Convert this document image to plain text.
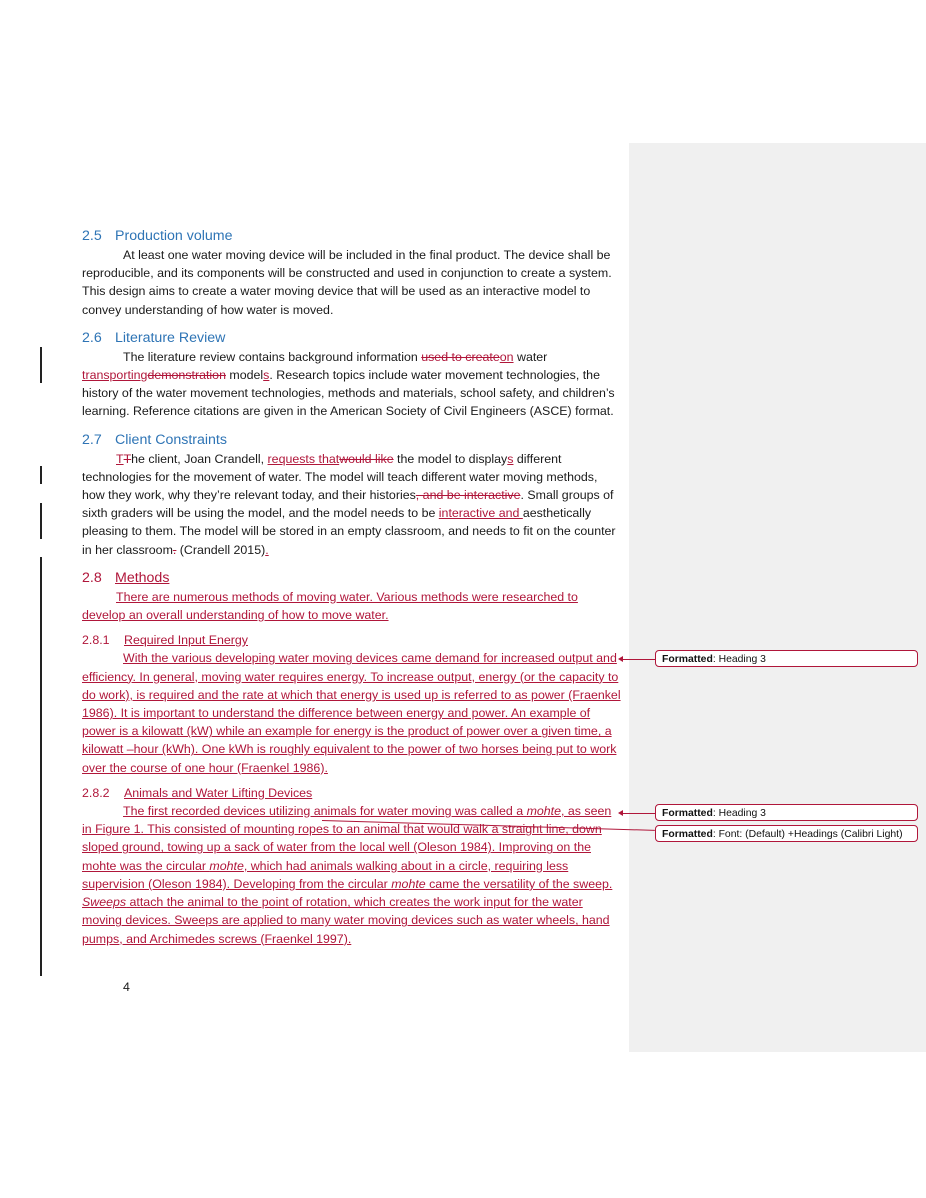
2.5 Production volume

At least one water moving device will be included in the final product. The device shall be reproducible, and its components will be constructed and used in conjunction to create a system. This design aims to create a water moving device that will be used as an interactive model to convey understanding of how water is moved.

2.6 Literature Review

The literature review contains background information used to createon water transportingdemonstration models. Research topics include water movement technologies, the history of the water movement technologies, methods and materials, school safety, and children’s learning. Reference citations are given in the American Society of Civil Engineers (ASCE) format.

2.7 Client Constraints

TThe client, Joan Crandell, requests thatwould like the model to displays different technologies for the movement of water. The model will teach different water moving methods, how they work, why they’re relevant today, and their histories, and be interactive. Small groups of sixth graders will be using the model, and the model needs to be interactive and aesthetically pleasing to them. The model will be stored in an empty classroom, and needs to fit on the counter in her classroom. (Crandell 2015).

2.8 Methods

There are numerous methods of moving water. Various methods were researched to develop an overall understanding of how to move water.

2.8.1 Required Input Energy

With the various developing water moving devices came demand for increased output and efficiency. In general, moving water requires energy. To increase output, energy (or the capacity to do work), is required and the rate at which that energy is used up is referred to as power (Fraenkel 1986). It is important to understand the difference between energy and power. An example of power is a kilowatt (kW) while an example for energy is the product of power over a given time, a kilowatt –hour (kWh). One kWh is roughly equivalent to the power of two horses being put to work over the course of one hour (Fraenkel 1986).

2.8.2 Animals and Water Lifting Devices

The first recorded devices utilizing animals for water moving was called a mohte, as seen in Figure 1. This consisted of mounting ropes to an animal that would walk a straight line, down sloped ground, towing up a sack of water from the local well (Oleson 1984). Improving on the mohte was the circular mohte, which had animals walking about in a circle, requiring less supervision (Oleson 1984). Developing from the circular mohte came the versatility of the sweep. Sweeps attach the animal to the point of rotation, which creates the work input for the water moving devices. Sweeps are applied to many water moving devices such as water wheels, hand pumps, and Archimedes screws (Fraenkel 1997).

4
Formatted: Heading 3
Formatted: Heading 3
Formatted: Font: (Default) +Headings (Calibri Light)
